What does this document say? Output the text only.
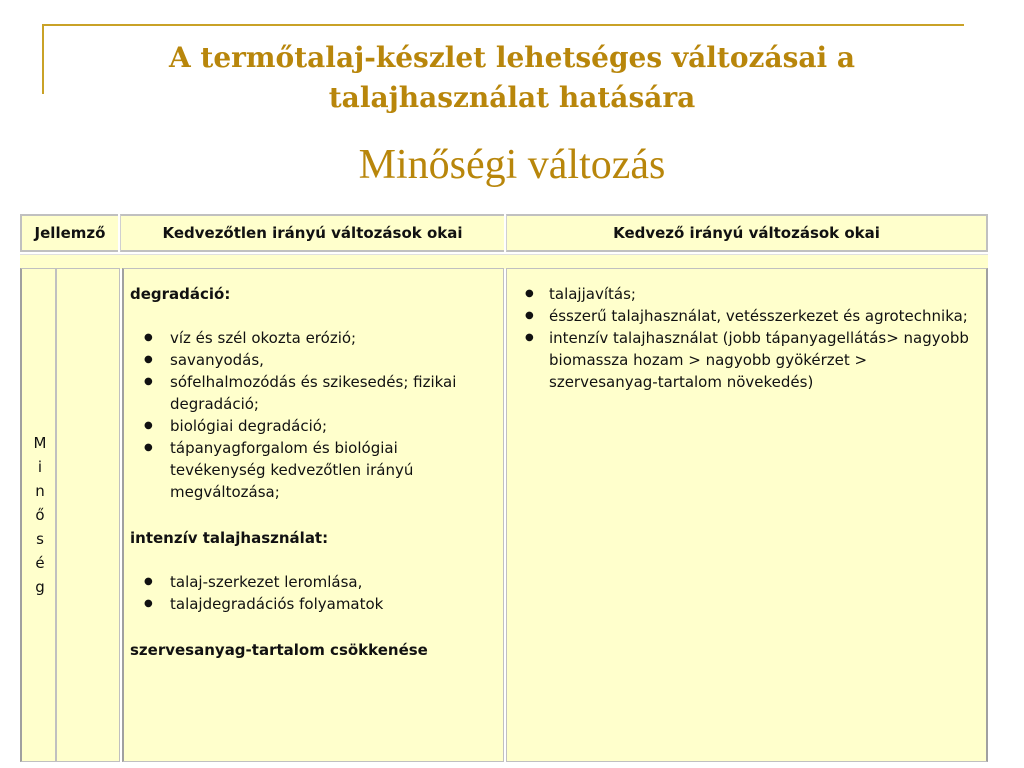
A termőtalaj-készlet lehetséges változásai a talajhasználat hatására
Minőségi változás
Jellemző	Kedvezőtlen irányú változások okai	Kedvező irányú változások okai
M
i
n
ő
s
é
g
degradáció:
● víz és szél okozta erózió;
● savanyodás,
● sófelhalmozódás és szikesedés; fizikai degradáció;
● biológiai degradáció;
● tápanyagforgalom és biológiai tevékenység kedvezőtlen irányú megváltozása;
intenzív talajhasználat:
● talaj-szerkezet leromlása,
● talajdegradációs folyamatok
szervesanyag-tartalom csökkenése
● talajjavítás;
● ésszerű talajhasználat, vetésszerkezet és agrotechnika;
● intenzív talajhasználat (jobb tápanyagellátás> nagyobb biomassza hozam > nagyobb gyökérzet > szervesanyag-tartalom növekedés)
